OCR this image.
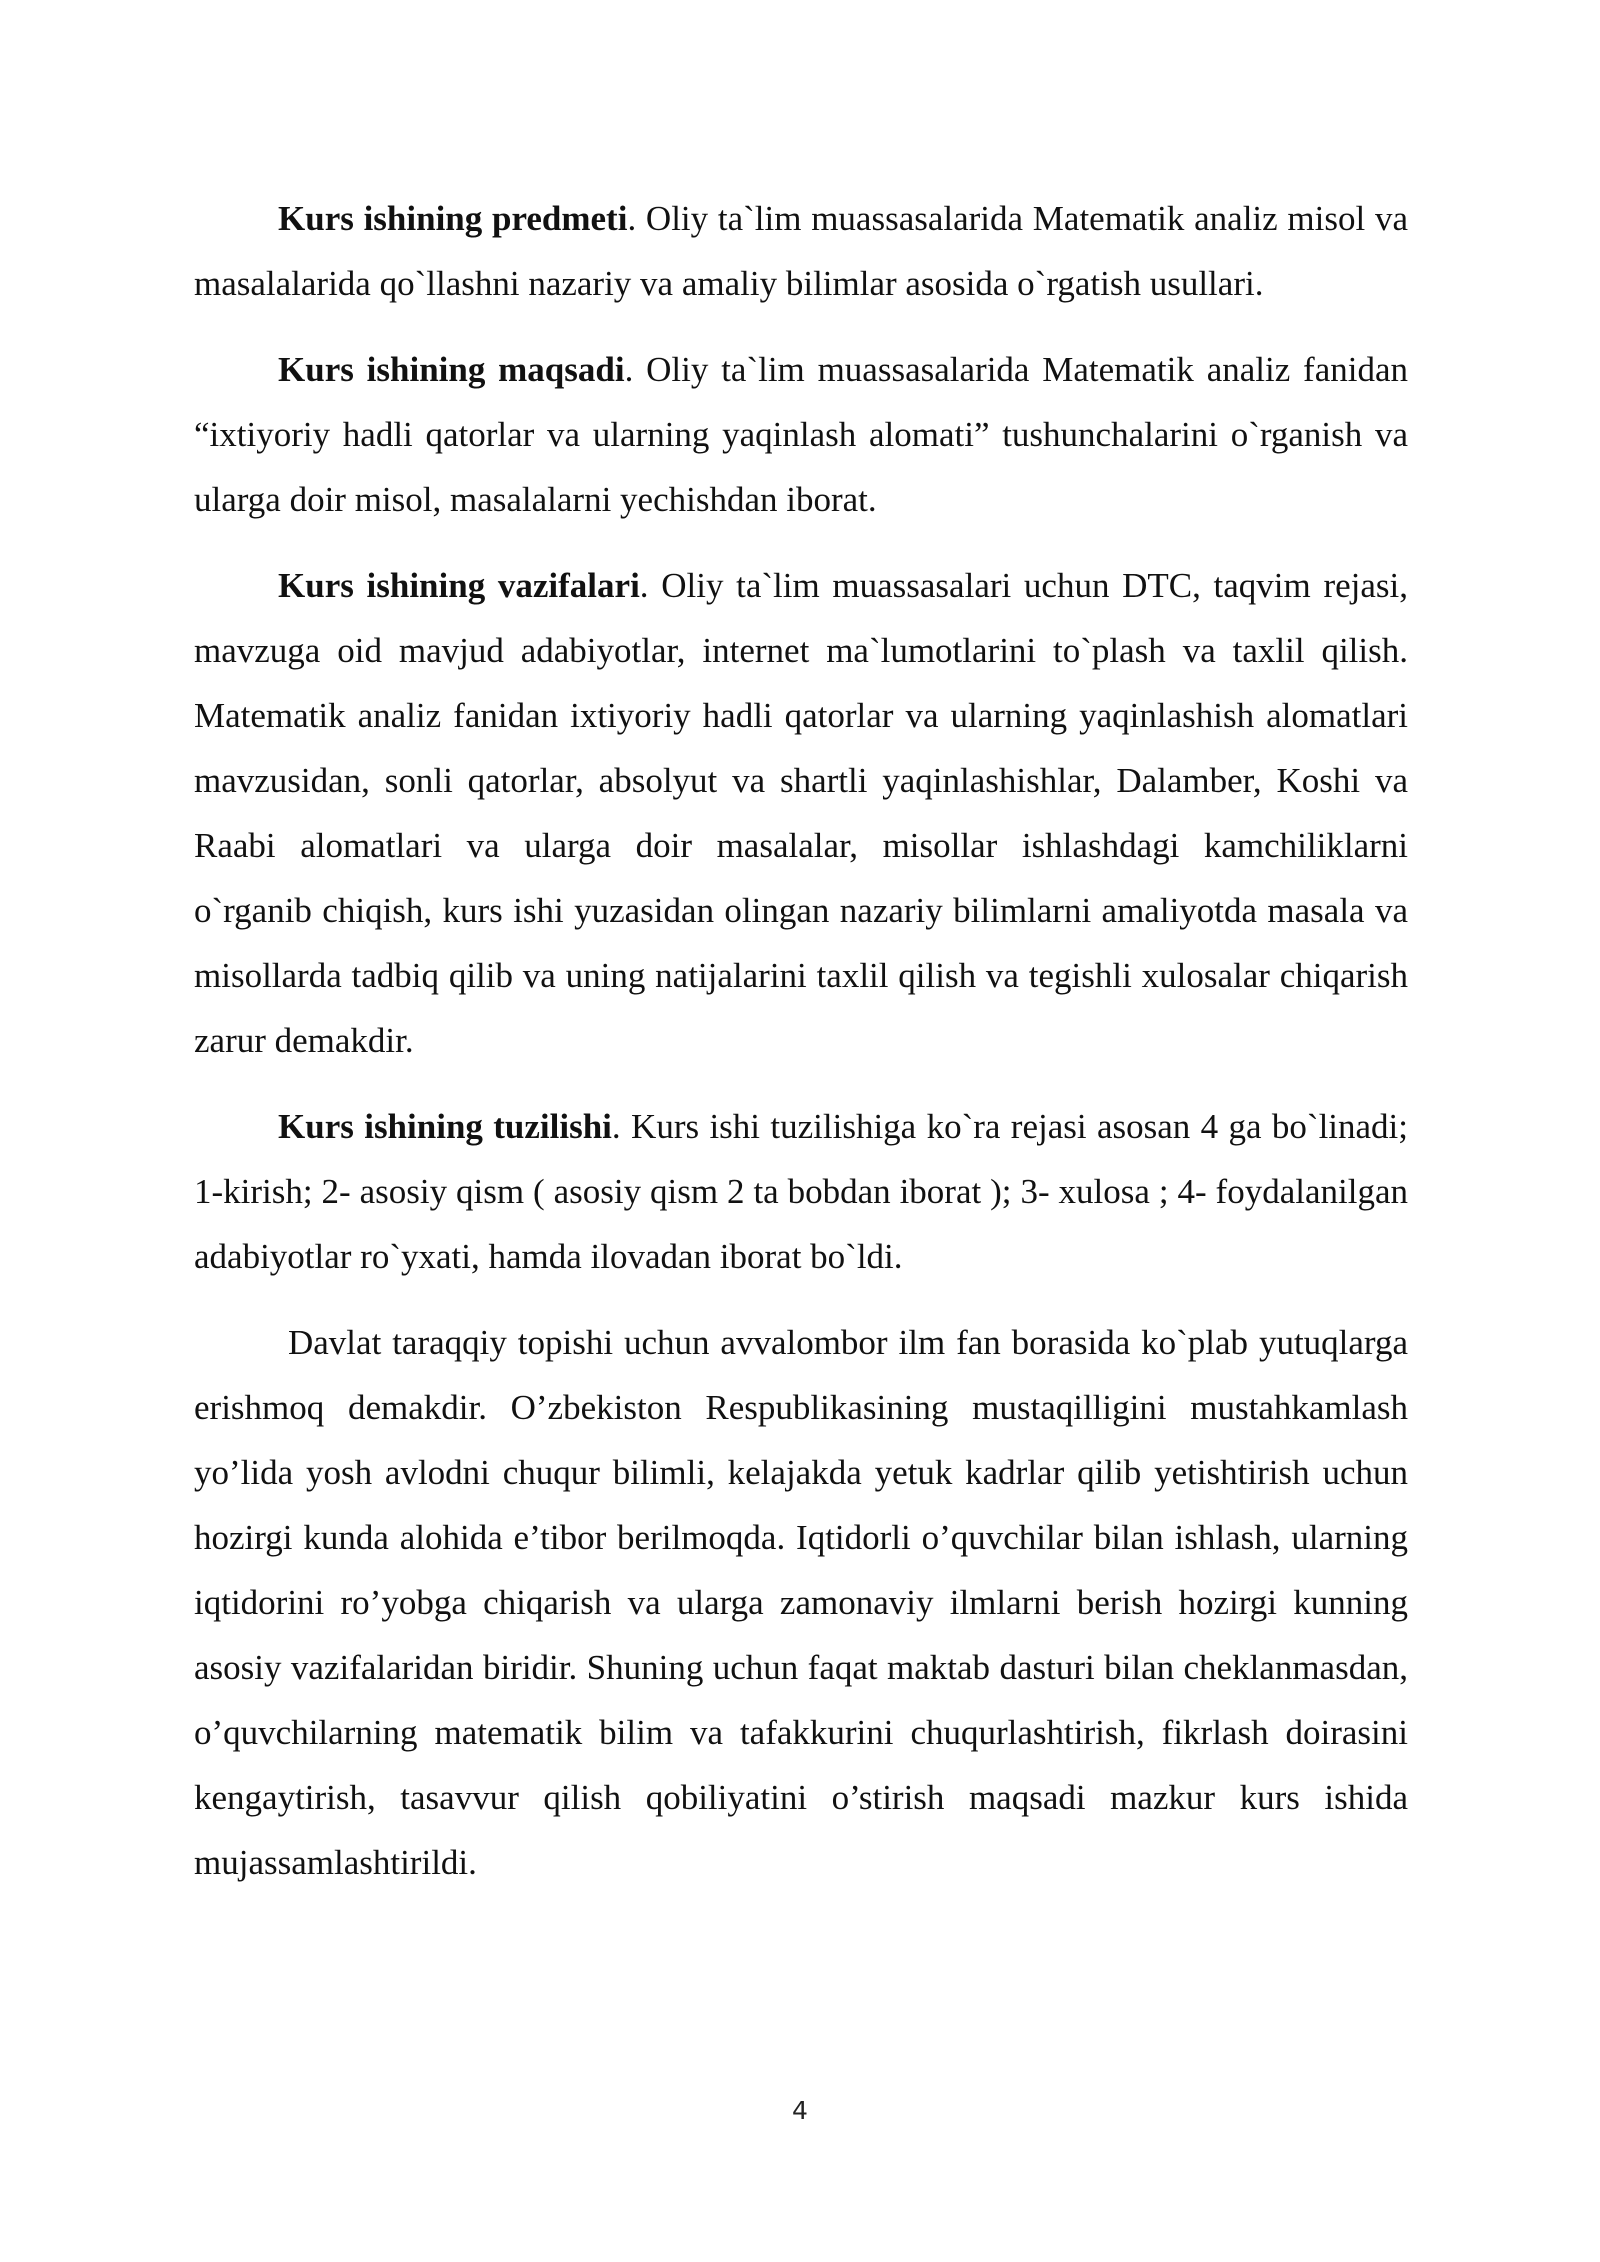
Kurs ishining predmeti. Oliy ta`lim muassasalarida Matematik analiz misol va masalalarida qo`llashni nazariy va amaliy bilimlar asosida o`rgatish usullari.

Kurs ishining maqsadi. Oliy ta`lim muassasalarida Matematik analiz fanidan “ixtiyoriy hadli qatorlar va ularning yaqinlash alomati” tushunchalarini o`rganish va ularga doir misol, masalalarni yechishdan iborat.

Kurs ishining vazifalari. Oliy ta`lim muassasalari uchun DTC, taqvim rejasi, mavzuga oid mavjud adabiyotlar, internet ma`lumotlarini to`plash va taxlil qilish. Matematik analiz fanidan ixtiyoriy hadli qatorlar va ularning yaqinlashish alomatlari mavzusidan, sonli qatorlar, absolyut va shartli yaqinlashishlar, Dalamber, Koshi va Raabi alomatlari va ularga doir masalalar, misollar ishlashdagi kamchiliklarni o`rganib chiqish, kurs ishi yuzasidan olingan nazariy bilimlarni amaliyotda masala va misollarda tadbiq qilib va uning natijalarini taxlil qilish va tegishli xulosalar chiqarish zarur demakdir.

Kurs ishining tuzilishi. Kurs ishi tuzilishiga ko`ra rejasi asosan 4 ga bo`linadi; 1-kirish; 2- asosiy qism ( asosiy qism 2 ta bobdan iborat ); 3- xulosa ; 4- foydalanilgan adabiyotlar ro`yxati, hamda ilovadan iborat bo`ldi.

Davlat taraqqiy topishi uchun avvalombor ilm fan borasida ko`plab yutuqlarga erishmoq demakdir. O’zbekiston Respublikasining mustaqilligini mustahkamlash yo’lida yosh avlodni chuqur bilimli, kelajakda yetuk kadrlar qilib yetishtirish uchun hozirgi kunda alohida e’tibor berilmoqda. Iqtidorli o’quvchilar bilan ishlash, ularning iqtidorini ro’yobga chiqarish va ularga zamonaviy ilmlarni berish hozirgi kunning asosiy vazifalaridan biridir. Shuning uchun faqat maktab dasturi bilan cheklanmasdan, o’quvchilarning matematik bilim va tafakkurini chuqurlashtirish, fikrlash doirasini kengaytirish, tasavvur qilish qobiliyatini o’stirish maqsadi mazkur kurs ishida mujassamlashtirildi.

4
